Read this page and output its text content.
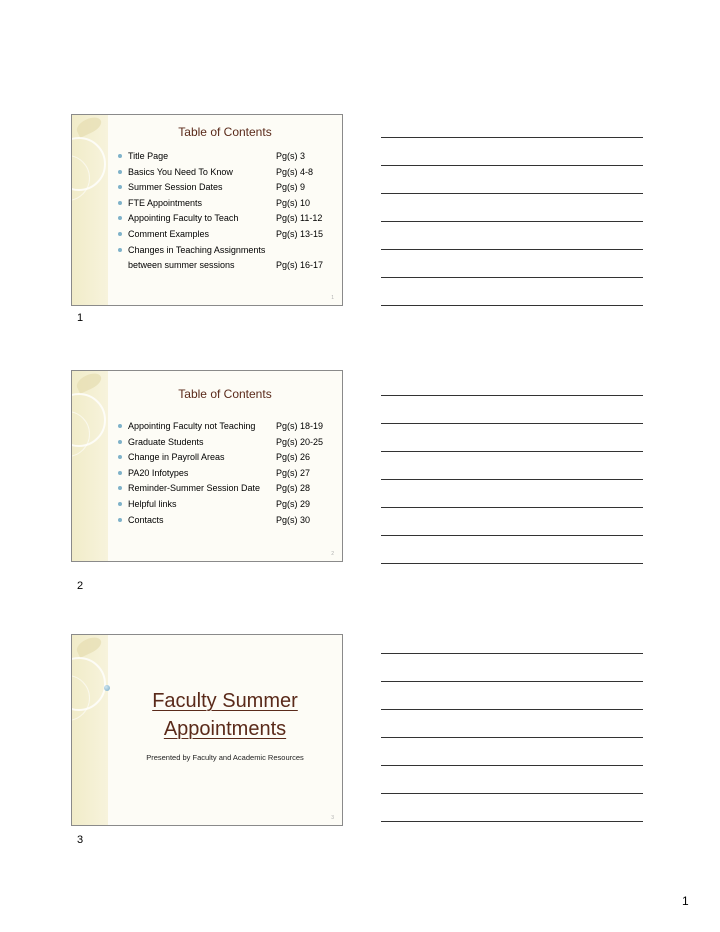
Table of Contents
Title Page	Pg(s) 3
Basics You Need To Know	Pg(s) 4-8
Summer Session Dates	Pg(s) 9
FTE Appointments	Pg(s) 10
Appointing Faculty to Teach	Pg(s) 11-12
Comment Examples	Pg(s) 13-15
Changes in Teaching Assignments
between summer sessions	Pg(s) 16-17
1
1
Table of Contents
Appointing Faculty not Teaching Pg(s) 18-19
Graduate Students	Pg(s) 20-25
Change in Payroll Areas	Pg(s) 26
PA20 Infotypes	Pg(s) 27
Reminder-Summer Session Date Pg(s) 28
Helpful links	Pg(s) 29
Contacts	Pg(s) 30
2
2
Faculty Summer
Appointments
Presented by Faculty and Academic Resources
3
3
1
